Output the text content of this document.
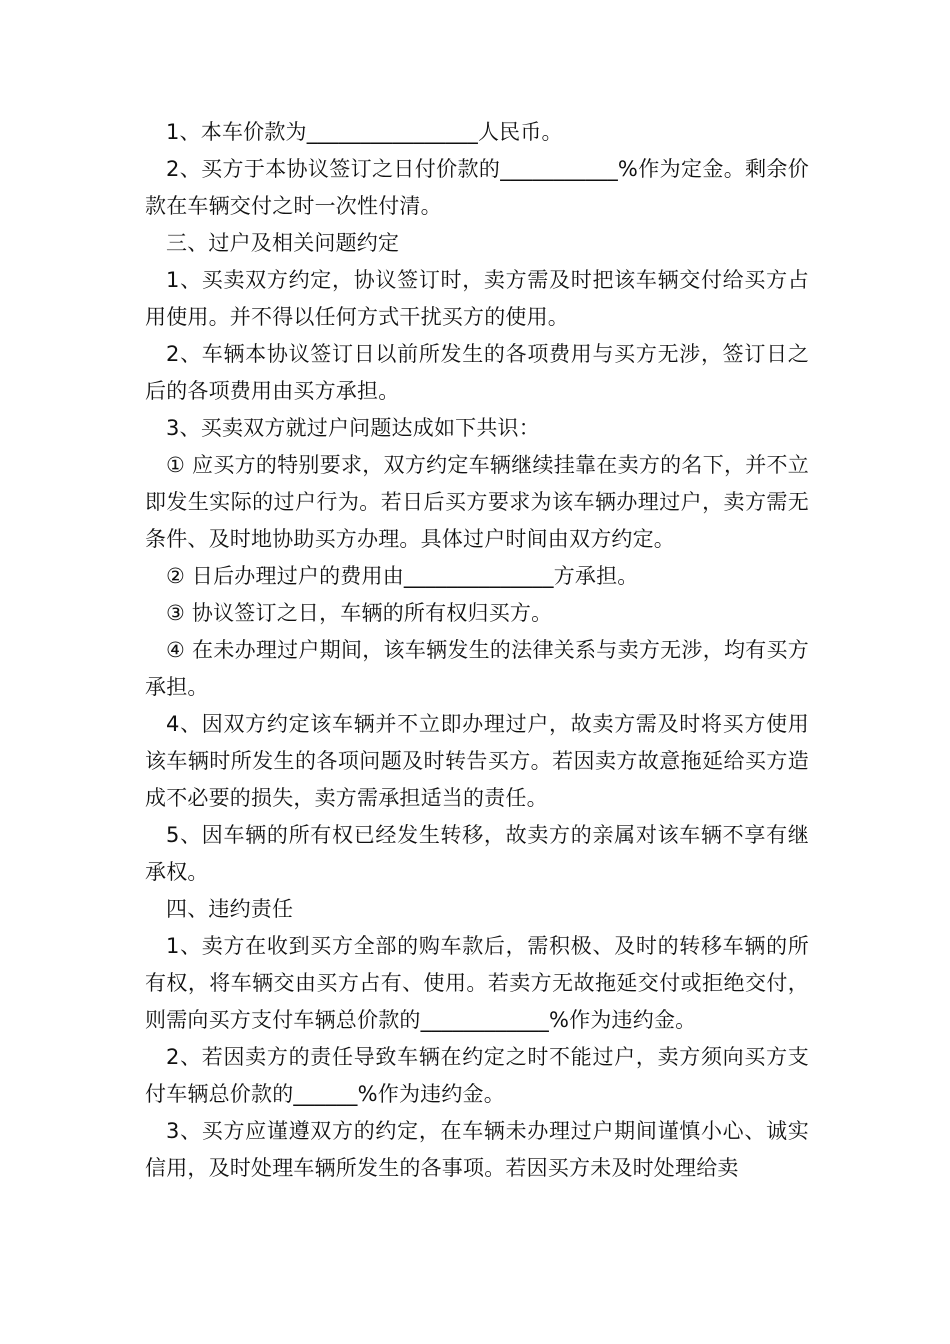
1、本车价款为________________人民币。

2、买方于本协议签订之日付价款的___________%作为定金。剩余价款在车辆交付之时一次性付清。

三、过户及相关问题约定

1、买卖双方约定，协议签订时，卖方需及时把该车辆交付给买方占用使用。并不得以任何方式干扰买方的使用。

2、车辆本协议签订日以前所发生的各项费用与买方无涉，签订日之后的各项费用由买方承担。

3、买卖双方就过户问题达成如下共识：

① 应买方的特别要求，双方约定车辆继续挂靠在卖方的名下，并不立即发生实际的过户行为。若日后买方要求为该车辆办理过户，卖方需无条件、及时地协助买方办理。具体过户时间由双方约定。

② 日后办理过户的费用由______________方承担。

③ 协议签订之日，车辆的所有权归买方。

④ 在未办理过户期间，该车辆发生的法律关系与卖方无涉，均有买方承担。

4、因双方约定该车辆并不立即办理过户，故卖方需及时将买方使用该车辆时所发生的各项问题及时转告买方。若因卖方故意拖延给买方造成不必要的损失，卖方需承担适当的责任。

5、因车辆的所有权已经发生转移，故卖方的亲属对该车辆不享有继承权。

四、违约责任

1、卖方在收到买方全部的购车款后，需积极、及时的转移车辆的所有权，将车辆交由买方占有、使用。若卖方无故拖延交付或拒绝交付，则需向买方支付车辆总价款的____________%作为违约金。

2、若因卖方的责任导致车辆在约定之时不能过户，卖方须向买方支付车辆总价款的______%作为违约金。

3、买方应谨遵双方的约定，在车辆未办理过户期间谨慎小心、诚实信用，及时处理车辆所发生的各事项。若因买方未及时处理给卖
